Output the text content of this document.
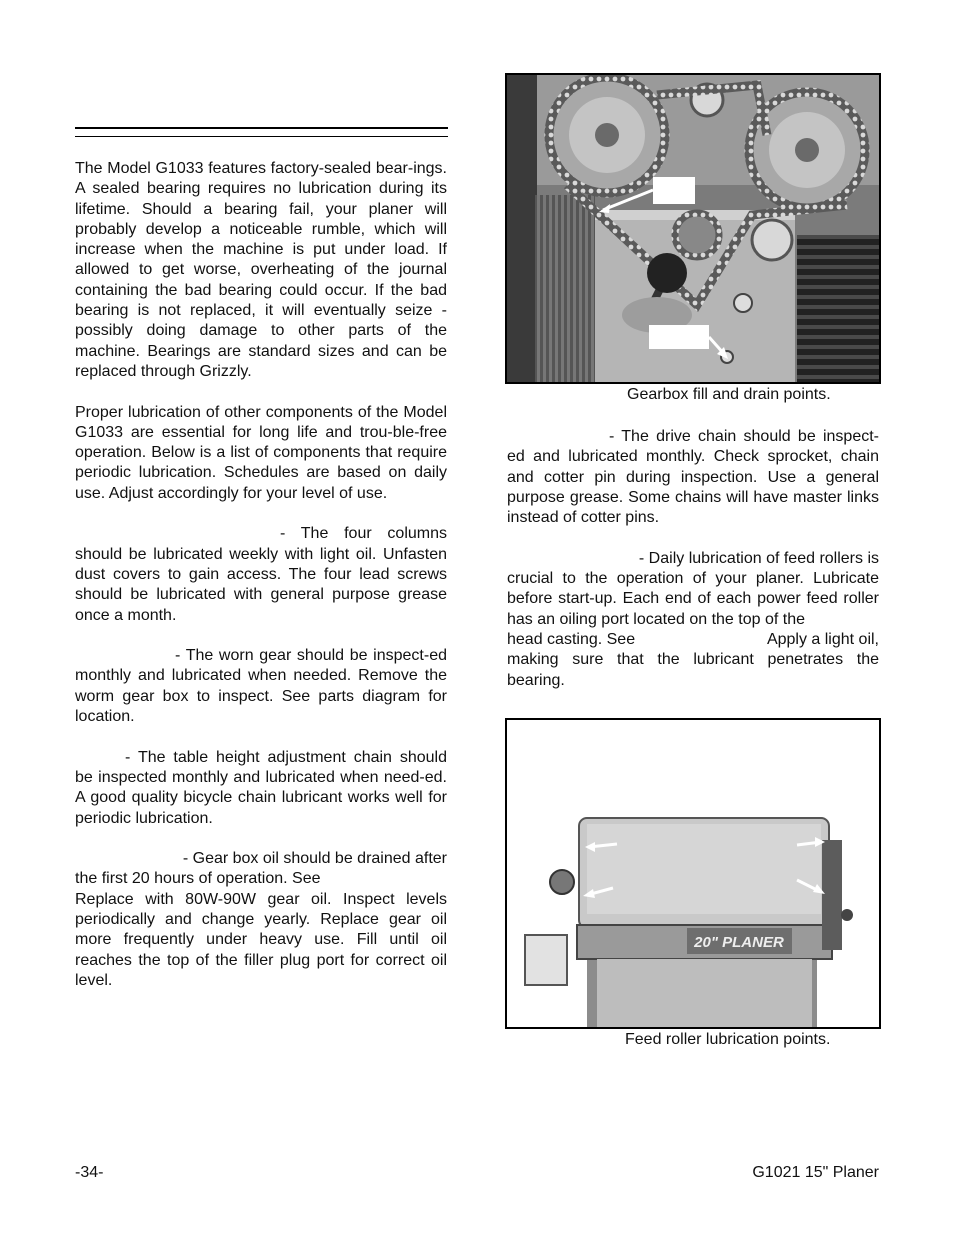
The Model G1033 features factory-sealed bear-ings. A sealed bearing requires no lubrication during its lifetime. Should a bearing fail, your planer will probably develop a noticeable rumble, which will increase when the machine is put under load. If allowed to get worse, overheating of the journal containing the bad bearing could occur. If the bad bearing is not replaced, it will eventually seize - possibly doing damage to other parts of the machine. Bearings are standard sizes and can be replaced through Grizzly.

Proper lubrication of other components of the Model G1033 are essential for long life and trou-ble-free operation. Below is a list of components that require periodic lubrication. Schedules are based on daily use. Adjust accordingly for your level of use.

- The four columns should be lubricated weekly with light oil. Unfasten dust covers to gain access. The four lead screws should be lubricated with general purpose grease once a month.

- The worn gear should be inspect-ed monthly and lubricated when needed. Remove the worm gear box to inspect. See parts diagram for location.

- The table height adjustment chain should be inspected monthly and lubricated when need-ed. A good quality bicycle chain lubricant works well for periodic lubrication.

- Gear box oil should be drained after
the first 20 hours of operation. See
Replace with 80W-90W gear oil. Inspect levels periodically and change yearly. Replace gear oil more frequently under heavy use. Fill until oil reaches the top of the filler plug port for correct oil level.

Gearbox fill and drain points.

- The drive chain should be inspect-ed and lubricated monthly. Check sprocket, chain and cotter pin during inspection. Use a general purpose grease. Some chains will have master links instead of cotter pins.

- Daily lubrication of feed rollers is
crucial to the operation of your planer. Lubricate before start-up. Each end of each power feed roller has an oiling port located on the top of the
head casting. See	Apply a light oil,
making sure that the lubricant penetrates the bearing.

20" PLANER
Feed roller lubrication points.
-34-	G1021 15" Planer
